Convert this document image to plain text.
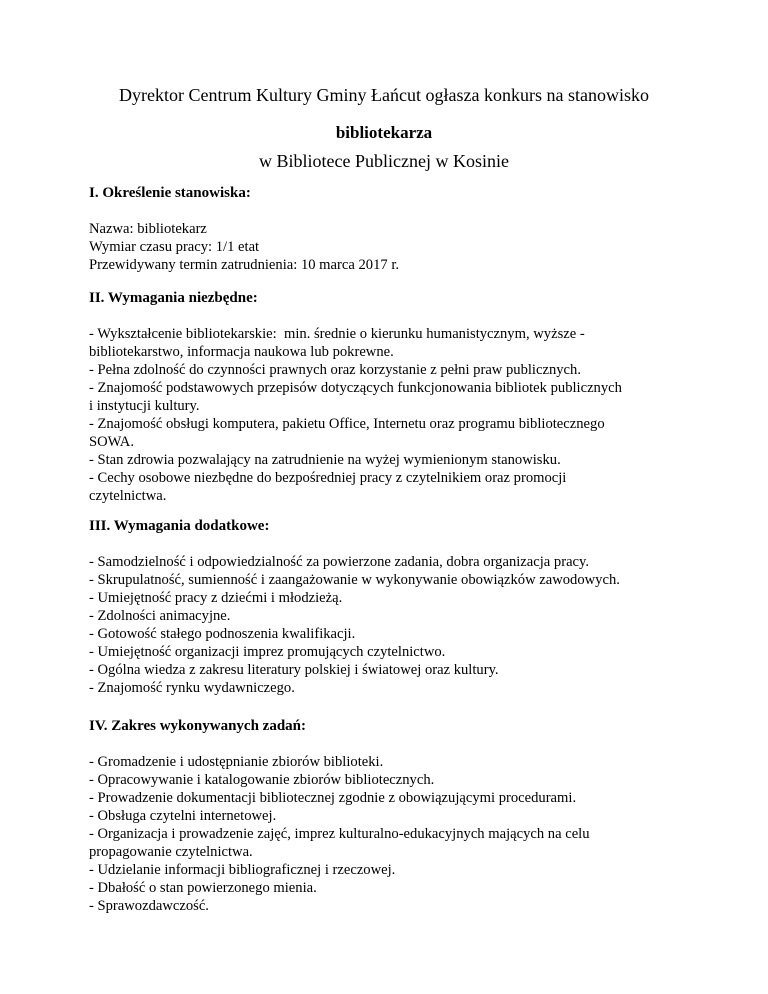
Dyrektor Centrum Kultury Gminy Łańcut ogłasza konkurs na stanowisko
bibliotekarza
w Bibliotece Publicznej w Kosinie
I. Określenie stanowiska:
Nazwa: bibliotekarz
Wymiar czasu pracy: 1/1 etat
Przewidywany termin zatrudnienia: 10 marca 2017 r.
II. Wymagania niezbędne:
- Wykształcenie bibliotekarskie:  min. średnie o kierunku humanistycznym, wyższe -
bibliotekarstwo, informacja naukowa lub pokrewne.
- Pełna zdolność do czynności prawnych oraz korzystanie z pełni praw publicznych.
- Znajomość podstawowych przepisów dotyczących funkcjonowania bibliotek publicznych
i instytucji kultury.
- Znajomość obsługi komputera, pakietu Office, Internetu oraz programu bibliotecznego
SOWA.
- Stan zdrowia pozwalający na zatrudnienie na wyżej wymienionym stanowisku.
- Cechy osobowe niezbędne do bezpośredniej pracy z czytelnikiem oraz promocji
czytelnictwa.
III. Wymagania dodatkowe:
- Samodzielność i odpowiedzialność za powierzone zadania, dobra organizacja pracy.
- Skrupulatność, sumienność i zaangażowanie w wykonywanie obowiązków zawodowych.
- Umiejętność pracy z dziećmi i młodzieżą.
- Zdolności animacyjne.
- Gotowość stałego podnoszenia kwalifikacji.
- Umiejętność organizacji imprez promujących czytelnictwo.
- Ogólna wiedza z zakresu literatury polskiej i światowej oraz kultury.
- Znajomość rynku wydawniczego.
IV. Zakres wykonywanych zadań:
- Gromadzenie i udostępnianie zbiorów biblioteki.
- Opracowywanie i katalogowanie zbiorów bibliotecznych.
- Prowadzenie dokumentacji bibliotecznej zgodnie z obowiązującymi procedurami.
- Obsługa czytelni internetowej.
- Organizacja i prowadzenie zajęć, imprez kulturalno-edukacyjnych mających na celu
propagowanie czytelnictwa.
- Udzielanie informacji bibliograficznej i rzeczowej.
- Dbałość o stan powierzonego mienia.
- Sprawozdawczość.
